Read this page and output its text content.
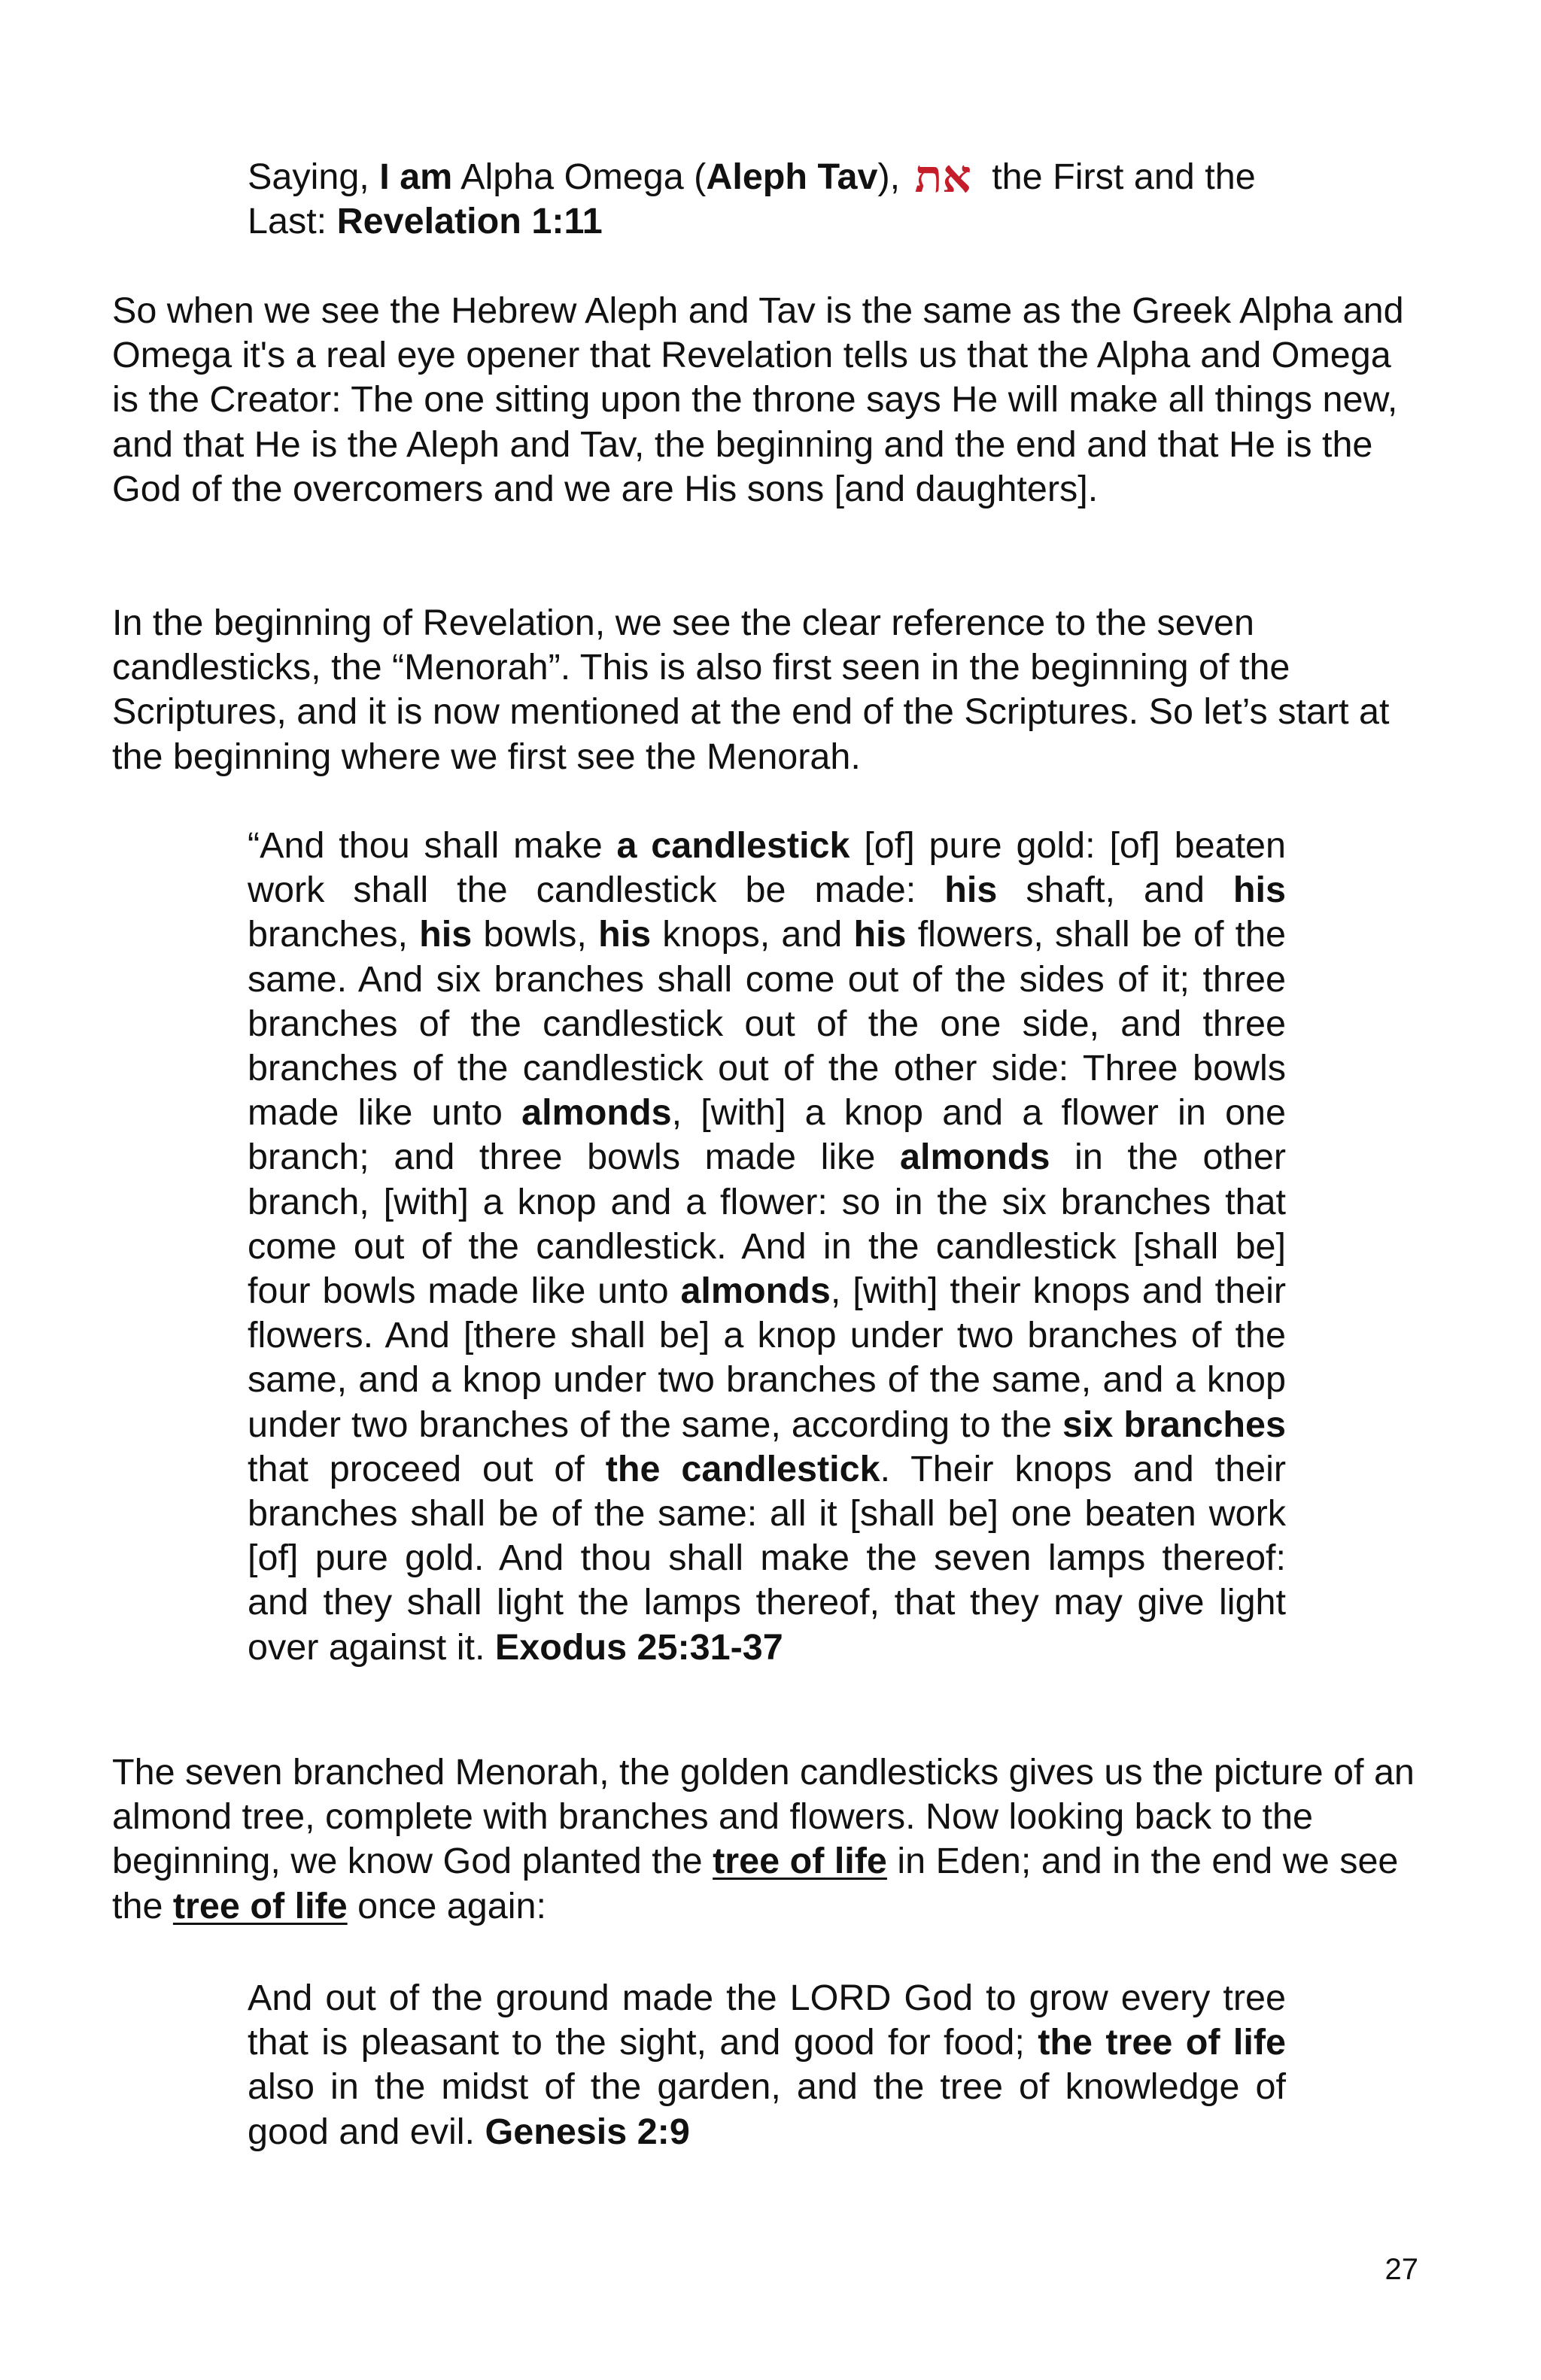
Saying, I am Alpha Omega (Aleph Tav), את the First and the Last: Revelation 1:11

So when we see the Hebrew Aleph and Tav is the same as the Greek Alpha and Omega it's a real eye opener that Revelation tells us that the Alpha and Omega is the Creator: The one sitting upon the throne says He will make all things new, and that He is the Aleph and Tav, the beginning and the end and that He is the God of the overcomers and we are His sons [and daughters].

In the beginning of Revelation, we see the clear reference to the seven candlesticks, the “Menorah”. This is also first seen in the beginning of the Scriptures, and it is now mentioned at the end of the Scriptures. So let’s start at the beginning where we first see the Menorah.

“And thou shall make a candlestick [of] pure gold: [of] beaten work shall the candlestick be made: his shaft, and his branches, his bowls, his knops, and his flowers, shall be of the same. And six branches shall come out of the sides of it; three branches of the candlestick out of the one side, and three branches of the candlestick out of the other side: Three bowls made like unto almonds, [with] a knop and a flower in one branch; and three bowls made like almonds in the other branch, [with] a knop and a flower: so in the six branches that come out of the candlestick. And in the candlestick [shall be] four bowls made like unto almonds, [with] their knops and their flowers. And [there shall be] a knop under two branches of the same, and a knop under two branches of the same, and a knop under two branches of the same, according to the six branches that proceed out of the candlestick. Their knops and their branches shall be of the same: all it [shall be] one beaten work [of] pure gold. And thou shall make the seven lamps thereof: and they shall light the lamps thereof, that they may give light over against it. Exodus 25:31-37

The seven branched Menorah, the golden candlesticks gives us the picture of an almond tree, complete with branches and flowers. Now looking back to the beginning, we know God planted the tree of life in Eden; and in the end we see the tree of life once again:

And out of the ground made the LORD God to grow every tree that is pleasant to the sight, and good for food; the tree of life also in the midst of the garden, and the tree of knowledge of good and evil. Genesis 2:9

27
